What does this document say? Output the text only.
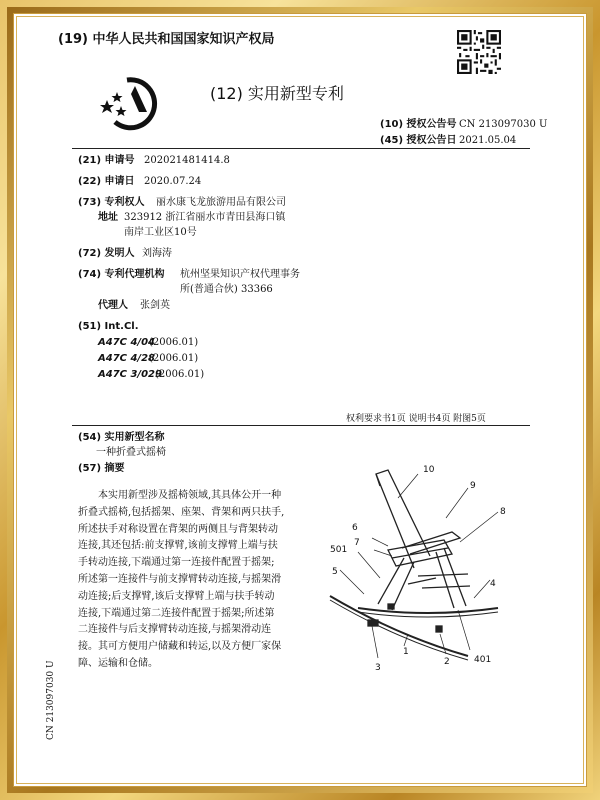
(19) 中华人民共和国国家知识产权局
(12) 实用新型专利
(10) 授权公告号 CN 213097030 U
(45) 授权公告日 2021.05.04
(21) 申请号 202021481414.8
(22) 申请日 2020.07.24
(73) 专利权人 丽水康飞龙旅游用品有限公司
地址 323912 浙江省丽水市青田县海口镇
南岸工业区10号
(72) 发明人 刘海涛
(74) 专利代理机构 杭州坚果知识产权代理事务
所(普通合伙) 33366
代理人 张剑英
(51) Int.Cl.
A47C 4/04
(2006.01)
A47C 4/28
(2006.01)
A47C 3/029
(2006.01)
权利要求书1页 说明书4页 附图5页
(54) 实用新型名称
一种折叠式摇椅
(57) 摘要
本实用新型涉及摇椅领域,其具体公开一种
折叠式摇椅,包括摇架、座架、背架和两只扶手,
所述扶手对称设置在背架的两侧且与背架转动
连接,其还包括:前支撑臂,该前支撑臂上端与扶
手转动连接,下端通过第一连接件配置于摇架;
所述第一连接件与前支撑臂转动连接,与摇架滑
动连接;后支撑臂,该后支撑臂上端与扶手转动
连接,下端通过第二连接件配置于摇架;所述第
二连接件与后支撑臂转动连接,与摇架滑动连
接。其可方便用户储藏和转运,以及方便厂家保
障、运输和仓储。
10
9
8
6
7
501
5
4
3
1
2	401
CN 213097030 U
